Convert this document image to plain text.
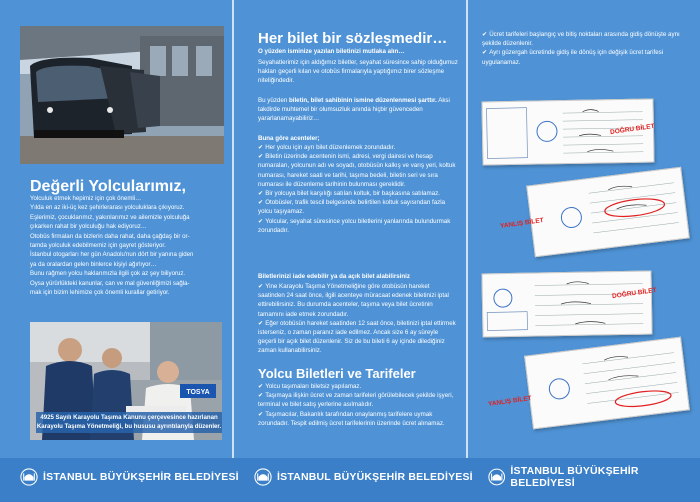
Değerli Yolcularımız,

Yolculuk etmek hepimiz için çok önemli…

Yılda en az iki-üç kez şehirlerarası yolculuklara çıkıyoruz.

Eşlerimiz, çocuklarımız, yakınlarımız ve ailemizle yolculuğa

çıkarken rahat bir yolculuğu hak ediyoruz…

Otobüs firmaları da bizlerin daha rahat, daha çağdaş bir or-

tamda yolculuk edebilmemiz için gayret gösteriyor.

İstanbul otogarları her gün Anadolu'nun dört bir yanına giden

ya da oralardan gelen binlerce kişiyi ağırlıyor…

Bunu rağmen yolcu haklarımızla ilgili çok az şey biliyoruz.

Oysa yürürlükteki kanunlar, can ve mal güvenliğimizi sağla-

mak için bizim lehimize çok önemli kurallar getiriyor.

TOSYA
4925 Sayılı Karayolu Taşıma Kanunu çerçevesince hazırlanan Karayolu Taşıma Yönetmeliği, bu hususu ayrıntılarıyla düzenler.
Her bilet bir sözleşmedir…
O yüzden isminize yazılan biletinizi mutlaka alın…
Seyahatlerimiz için aldığımız biletler, seyahat süresince sahip olduğumuz hakları geçerli kılan ve otobüs firmalarıyla yaptığımız birer sözleşme niteliğindedir.
Bu yüzden biletin, bilet sahibinin ismine düzenlenmesi şarttır. Aksi takdirde muhtemel bir olumsuzluk anında hiçbir güvenceden yararlanamayabiliriz…
Buna göre acenteler;
✔ Her yolcu için ayrı bilet düzenlemek zorundadır.
✔ Biletin üzerinde acentenin ismi, adresi, vergi dairesi ve hesap numaraları, yolcunun adı ve soyadı, otobüsün kalkış ve varış yeri, koltuk numarası, hareket saati ve tarihi, taşıma bedeli, biletin seri ve sıra numarası ile düzenleme tarihinin bulunması gereklidir.
✔ Bir yolcuya bilet karşılığı satılan koltuk, bir başkasına satılamaz.
✔ Otobüsler, trafik tescil belgesinde belirtilen koltuk sayısından fazla yolcu taşıyamaz.
✔ Yolcular, seyahat süresince yolcu biletlerini yanlarında bulundurmak zorundadır.
Biletlerinizi iade edebilir ya da açık bilet alabilirsiniz
✔ Yine Karayolu Taşıma Yönetmeliğine göre otobüsün hareket saatinden 24 saat önce, ilgili acenteye müracaat edenek biletinizi iptal ettirebilirsiniz. Bu durumda acenteler, taşıma veya bilet ücretinin tamamını iade etmek zorundadır.
✔ Eğer otobüsün hareket saatinden 12 saat önce, biletinizi iptal ettirmek isterseniz, o zaman paranız iade edilmez. Ancak size 6 ay süreyle geçerli bir açık bilet düzenlenir. Siz de bu bileti 6 ay içinde dilediğiniz zaman kullanabilirsiniz.
Yolcu Biletleri ve Tarifeler
✔ Yolcu taşımaları biletsiz yapılamaz.
✔ Taşımaya ilişkin ücret ve zaman tarifeleri görülebilecek şekilde işyeri, terminal ve bilet satış yerlerine asılmalıdır.
✔ Taşımacılar, Bakanlık tarafından onaylanmış tarifelere uymak zorundadır. Tespit edilmiş ücret tarifelerinin üzerinde ücret alınamaz.
✔ Ücret tarifeleri başlangıç ve bitiş noktaları arasında gidiş dönüşte aynı şekilde düzenlenir.
✔ Ayrı güzergah ücretinde gidiş ile dönüş için değişik ücret tarifesi uygulanamaz.
DOĞRU BİLET
YANLIŞ BİLET
DOĞRU BİLET
YANLIŞ BİLET
İSTANBUL BÜYÜKŞEHİR BELEDİYESİ	İSTANBUL BÜYÜKŞEHİR BELEDİYESİ	İSTANBUL BÜYÜKŞEHİR BELEDİYESİ
